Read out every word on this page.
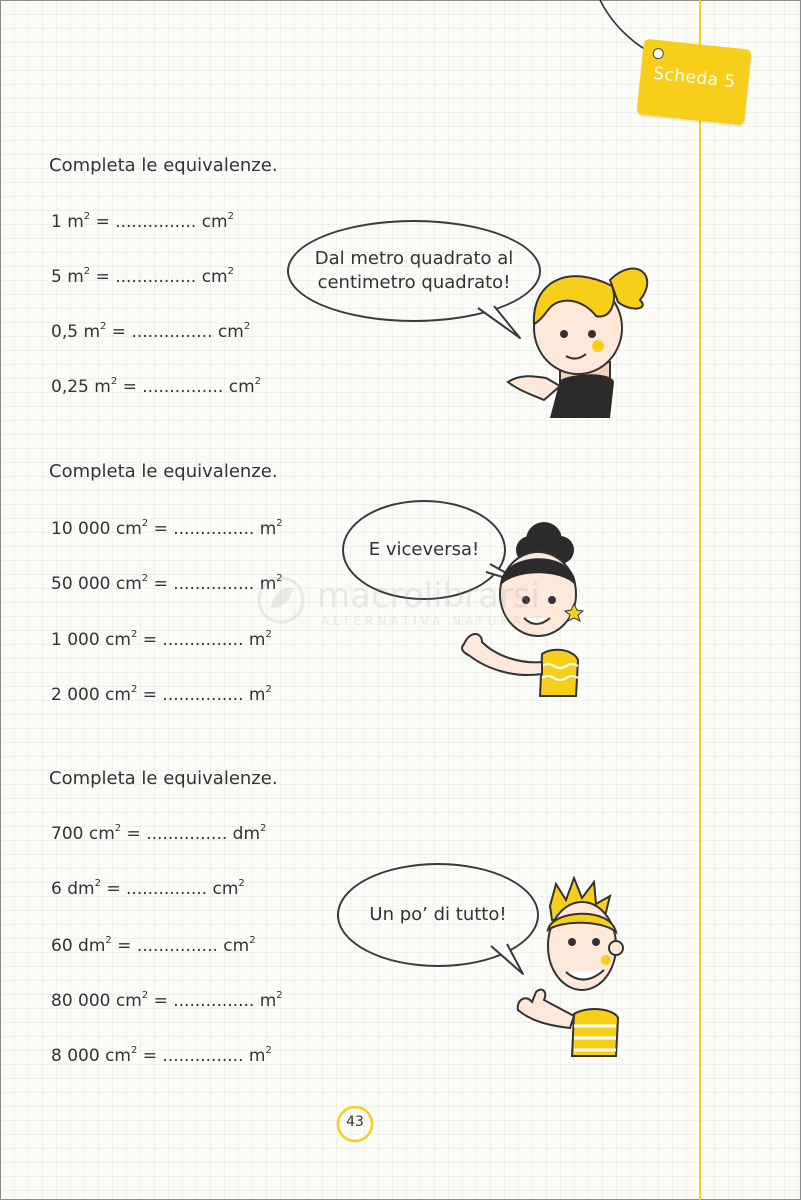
Scheda 5
Completa le equivalenze.
1 $m^2$ = ............... $cm^2$
5 $m^2$ = ............... $cm^2$
0,5 $m^2$ = ............... $cm^2$
0,25 $m^2$ = ............... $cm^2$
Dal metro quadrato al centimetro quadrato!
Completa le equivalenze.
10 000 $cm^2$ = ............... $m^2$
50 000 $cm^2$ = ............... $m^2$
1 000 $cm^2$ = ............... $m^2$
2 000 $cm^2$ = ............... $m^2$
E viceversa!
Completa le equivalenze.
700 $cm^2$ = ............... $dm^2$
6 $dm^2$ = ............... $cm^2$
60 $dm^2$ = ............... $cm^2$
80 000 $cm^2$ = ............... $m^2$
8 000 $cm^2$ = ............... $m^2$
Un po’ di tutto!
macrolibrarsi
ALTERNATIVA NATURALE
43
